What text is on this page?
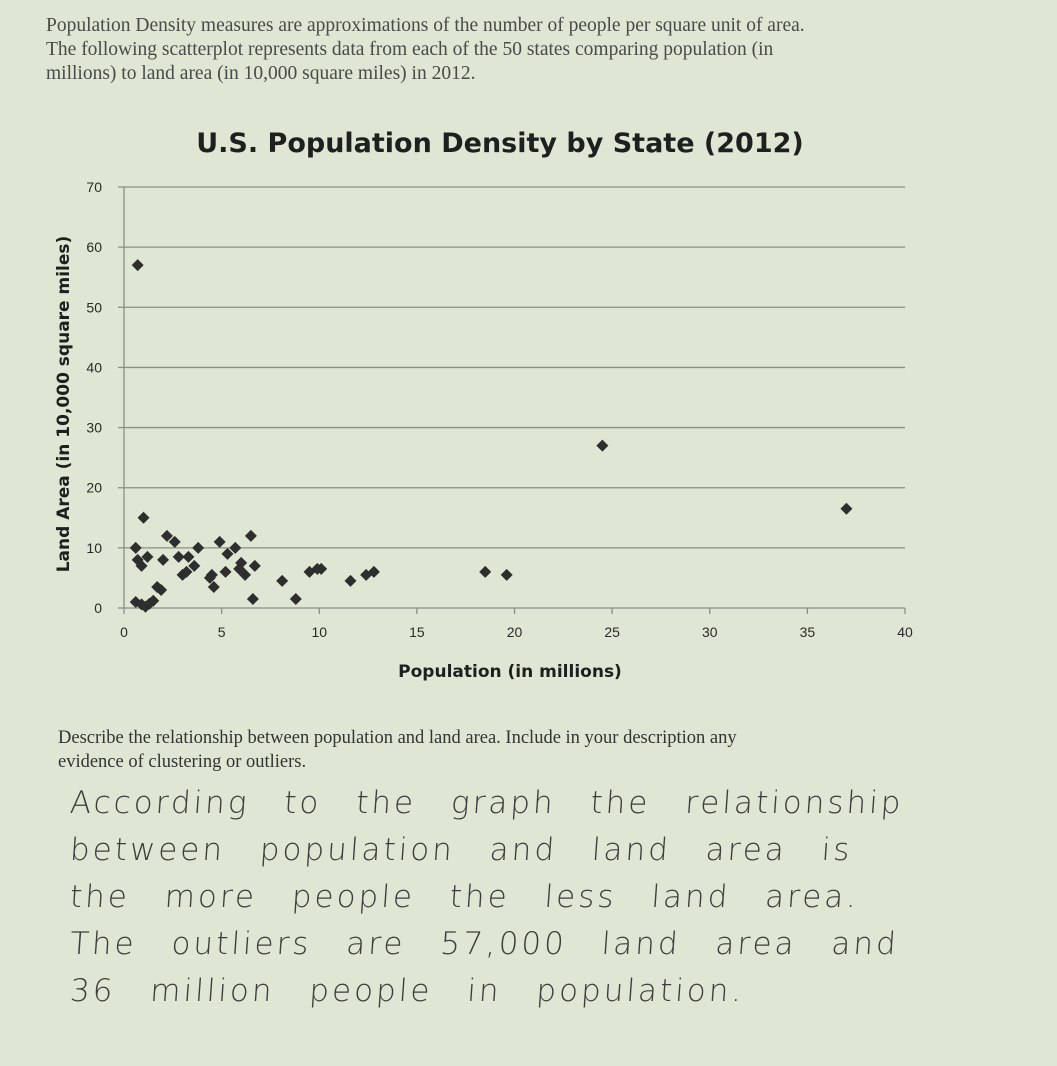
Population Density measures are approximations of the number of people per square unit of area.

The following scatterplot represents data from each of the 50 states comparing population (in

millions) to land area (in 10,000 square miles) in 2012.

U.S. Population Density by State (2012)
0
10
20
30
40
50
60
70
0	5	10	15	20	25	30	35	40
Population (in millions)
Land Area (in 10,000 square miles)

Describe the relationship between population and land area. Include in your description any

evidence of clustering or outliers.

According to the graph the relationship
between population and land area is
the more people the less land area.
The outliers are 57,000 land area and
36 million people in population.
